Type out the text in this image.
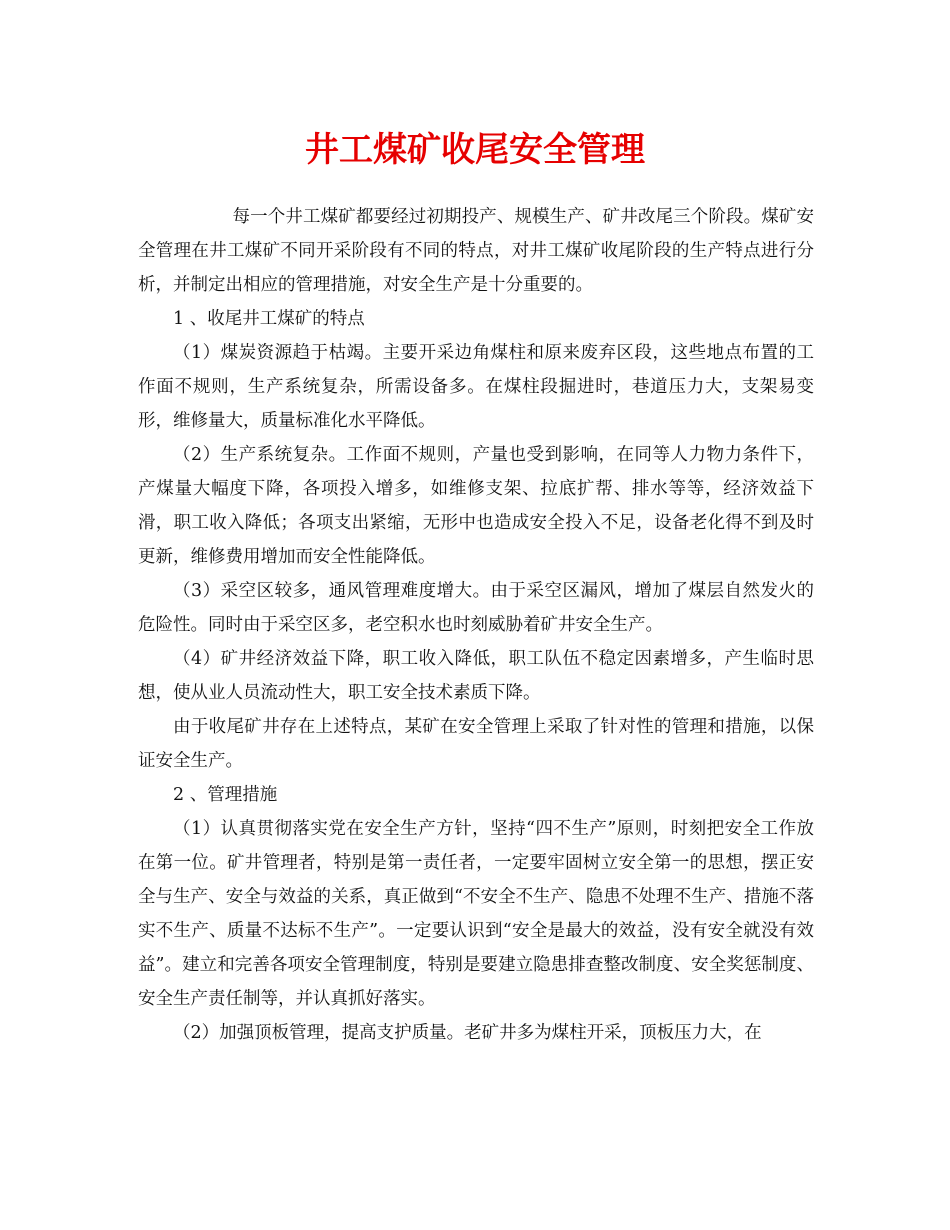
井工煤矿收尾安全管理

每一个井工煤矿都要经过初期投产、规模生产、矿井改尾三个阶段。煤矿安全管理在井工煤矿不同开采阶段有不同的特点，对井工煤矿收尾阶段的生产特点进行分析，并制定出相应的管理措施，对安全生产是十分重要的。

1 、收尾井工煤矿的特点

（1）煤炭资源趋于枯竭。主要开采边角煤柱和原来废弃区段，这些地点布置的工作面不规则，生产系统复杂，所需设备多。在煤柱段掘进时，巷道压力大，支架易变形，维修量大，质量标准化水平降低。

（2）生产系统复杂。工作面不规则，产量也受到影响，在同等人力物力条件下，产煤量大幅度下降，各项投入增多，如维修支架、拉底扩帮、排水等等，经济效益下滑，职工收入降低；各项支出紧缩，无形中也造成安全投入不足，设备老化得不到及时更新，维修费用增加而安全性能降低。

（3）采空区较多，通风管理难度增大。由于采空区漏风，增加了煤层自然发火的危险性。同时由于采空区多，老空积水也时刻威胁着矿井安全生产。

（4）矿井经济效益下降，职工收入降低，职工队伍不稳定因素增多，产生临时思想，使从业人员流动性大，职工安全技术素质下降。

由于收尾矿井存在上述特点，某矿在安全管理上采取了针对性的管理和措施，以保证安全生产。

2 、管理措施

（1）认真贯彻落实党在安全生产方针，坚持“四不生产”原则，时刻把安全工作放在第一位。矿井管理者，特别是第一责任者，一定要牢固树立安全第一的思想，摆正安全与生产、安全与效益的关系，真正做到“不安全不生产、隐患不处理不生产、措施不落实不生产、质量不达标不生产”。一定要认识到“安全是最大的效益，没有安全就没有效益”。建立和完善各项安全管理制度，特别是要建立隐患排查整改制度、安全奖惩制度、安全生产责任制等，并认真抓好落实。

（2）加强顶板管理，提高支护质量。老矿井多为煤柱开采，顶板压力大，在
